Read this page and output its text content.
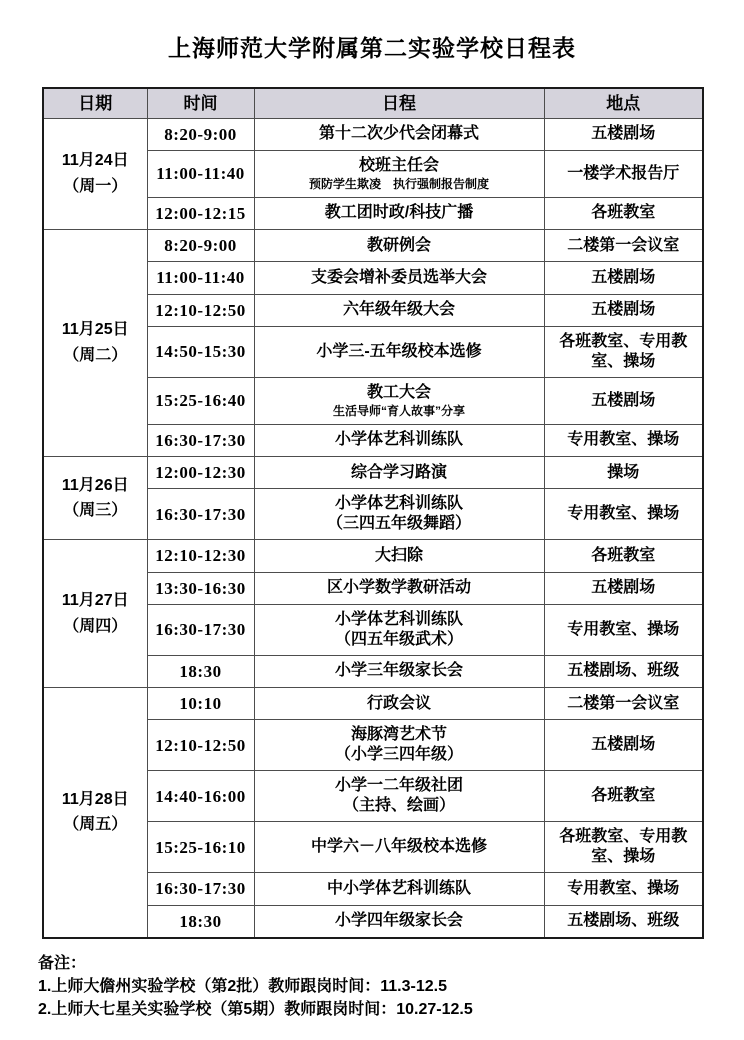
上海师范大学附属第二实验学校日程表
日期	时间	日程	地点

11月24日
（周一）	8:20-9:00	第十二次少代会闭幕式	五楼剧场
	11:00-11:40	校班主任会
预防学生欺凌　执行强制报告制度	一楼学术报告厅
	12:00-12:15	教工团时政/科技广播	各班教室

11月25日
（周二）	8:20-9:00	教研例会	二楼第一会议室
	11:00-11:40	支委会增补委员选举大会	五楼剧场
	12:10-12:50	六年级年级大会	五楼剧场
	14:50-15:30	小学三-五年级校本选修	各班教室、专用教室、操场
	15:25-16:40	教工大会
生活导师“育人故事”分享	五楼剧场
	16:30-17:30	小学体艺科训练队	专用教室、操场

11月26日
（周三）	12:00-12:30	综合学习路演	操场
	16:30-17:30	小学体艺科训练队
（三四五年级舞蹈）	专用教室、操场

11月27日
（周四）	12:10-12:30	大扫除	各班教室
	13:30-16:30	区小学数学教研活动	五楼剧场
	16:30-17:30	小学体艺科训练队
（四五年级武术）	专用教室、操场
	18:30	小学三年级家长会	五楼剧场、班级

11月28日
（周五）	10:10	行政会议	二楼第一会议室
	12:10-12:50	海豚湾艺术节
（小学三四年级）	五楼剧场
	14:40-16:00	小学一二年级社团
（主持、绘画）	各班教室
	15:25-16:10	中学六－八年级校本选修	各班教室、专用教室、操场
	16:30-17:30	中小学体艺科训练队	专用教室、操场
	18:30	小学四年级家长会	五楼剧场、班级

备注：

1.上师大儋州实验学校（第2批）教师跟岗时间：11.3-12.5

2.上师大七星关实验学校（第5期）教师跟岗时间：10.27-12.5
